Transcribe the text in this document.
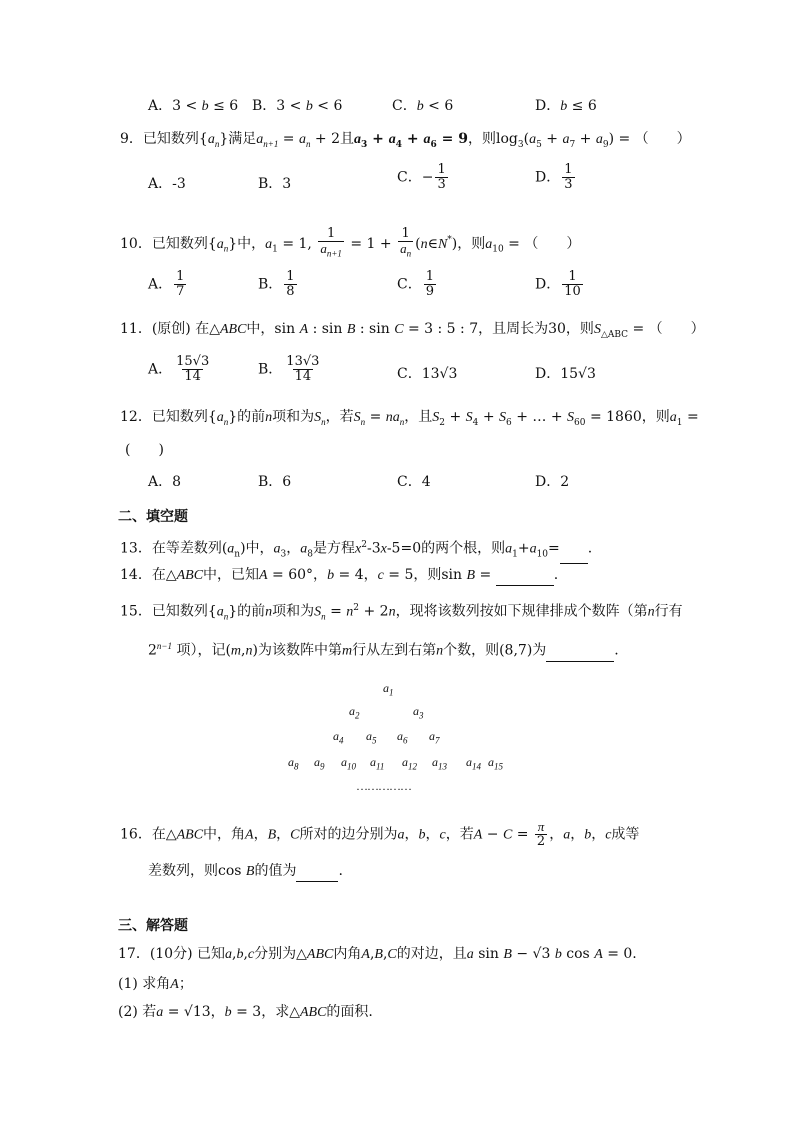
A．3 < b ≤ 6 B．3 < b < 6	C．b < 6	D．b ≤ 6
9．已知数列$\{a_n\}$满足$a_{n+1} = a_n + 2$且$a_3 + a_4 + a_6 = 9$，则$\log_3(a_5 + a_7 + a_9)$ = （　　）
A．-3	B．3	C．− $\frac{1}{3}$	D． $\frac{1}{3}$
10．已知数列$\{a_n\}$中，$a_1 = 1$, $\frac{1}{a_{n+1}} = 1 + \frac{1}{a_n}$ (n∈N*)，则$a_{10}$ = （　　）
A． $\frac{1}{7}$	B． $\frac{1}{8}$	C． $\frac{1}{9}$	D． $\frac{1}{10}$
11．(原创) 在△ABC中，sin A : sin B : sin C = 3 : 5 : 7，且周长为30，则$S_{\triangle ABC}$ = （　　）
A． $\frac{15√3}{14}$	B． $\frac{13√3}{14}$	C．13√3	D．15√3
12．已知数列$\{a_n\}$的前n项和为$S_n$，若$S_n = na_n$，且$S_2 + S_4 + S_6$ + … + $S_{60} = 1860$，则$a_1$ =
(　　)
A．8	B．6	C．4	D．2
二、填空题
13．在等差数列$(a_n)$中，$a_3$，$a_8$是方程$x^2-3x-5=0$的两个根，则$a_1+a_{10}=$ .
14．在△ABC中，已知A = 60°，b = 4，c = 5，则sin B =	.
15．已知数列$\{a_n\}$的前n项和为$S_n = n^2 + 2n$，现将该数列按如下规律排成个数阵（第n行有
$2^{n-1}$ 项），记(m,n)为该数阵中第m行从左到右第n个数，则(8,7)为	.
$a_1$
$a_2$	$a_3$
$a_4$ $a_5$ $a_6$ $a_7$
$a_8$ $a_9$ $a_{10}$ $a_{11}$ $a_{12}$ $a_{13}$ $a_{14}$ $a_{15}$
……………
16．在△ABC中，角A，B，C所对的边分别为a，b，c，若$A - C = \frac{\pi}{2}$ ，a，b，c成等
差数列，则cos B的值为	.
三、解答题
17．(10分) 已知a,b,c分别为△ABC内角A,B,C的对边，且a sin B − √3 b cos A = 0.
(1) 求角A；
(2) 若a = √13，b = 3，求△ABC的面积.
